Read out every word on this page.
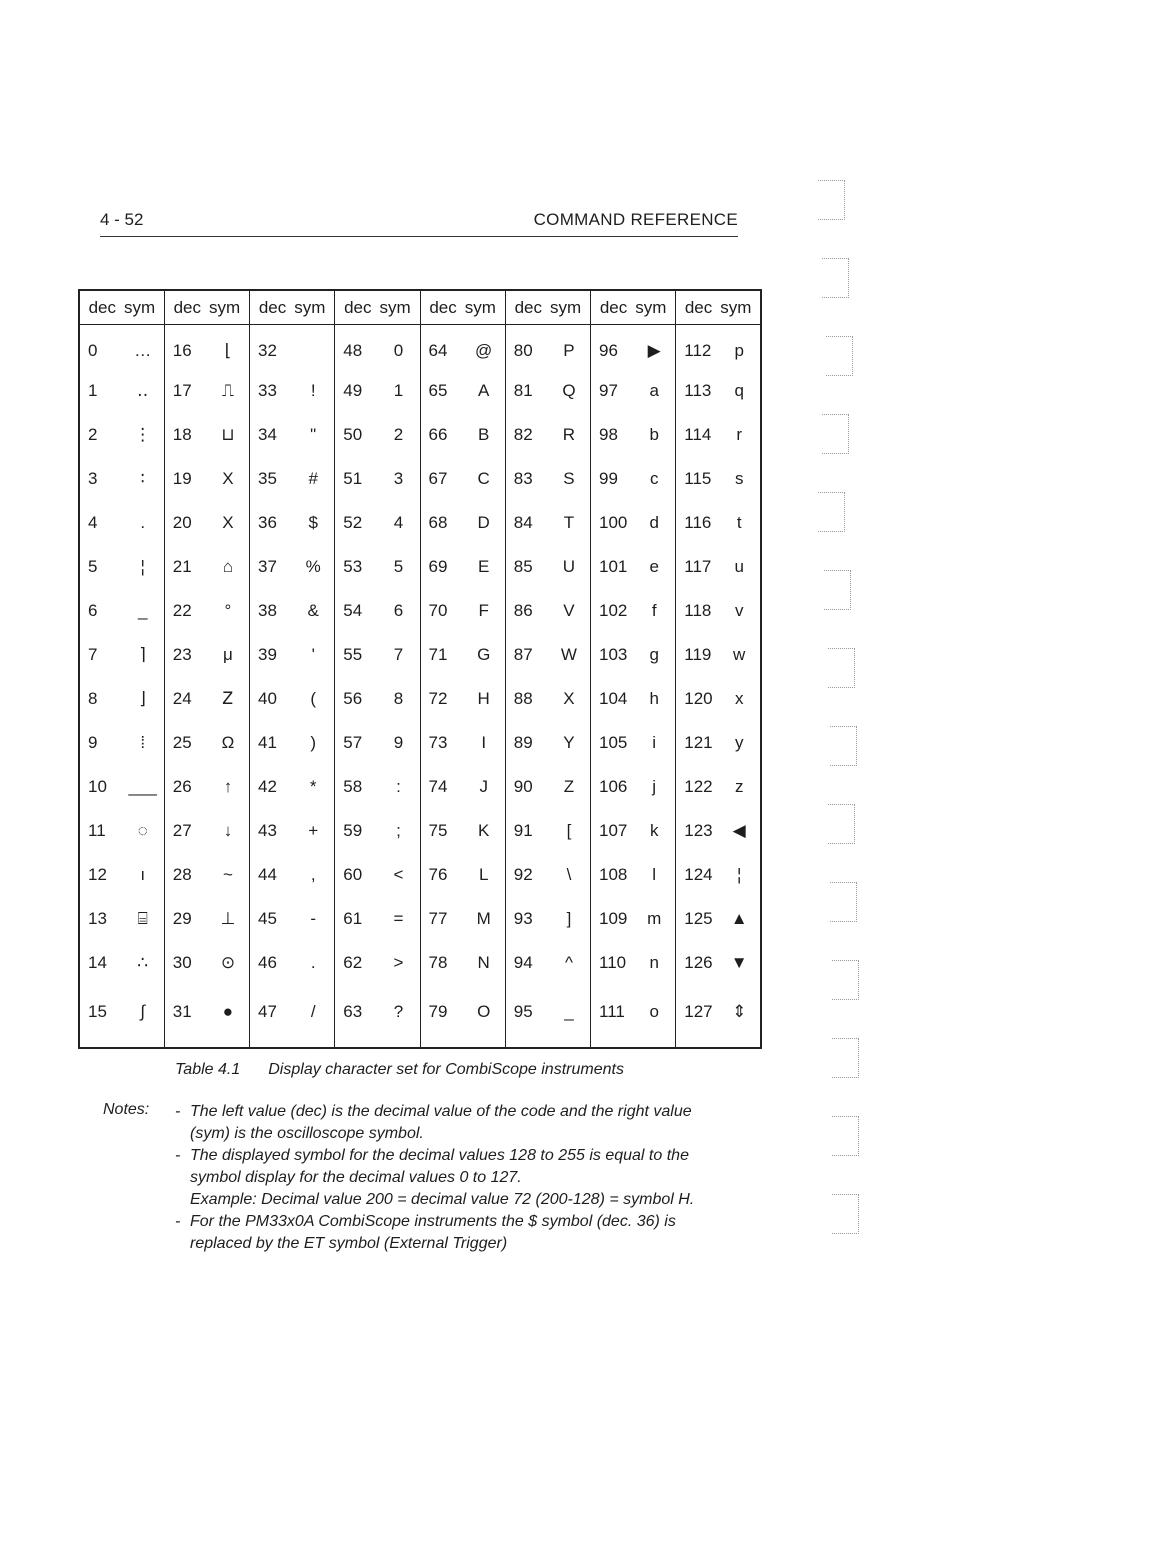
4 - 52	COMMAND REFERENCE
dec sym		dec sym		dec sym		dec sym		dec sym		dec sym		dec sym		dec sym	
0	…	16	⌊	32		48	0	64	@	80	P	96	▶	112	p
1	․․	17	⎍	33	!	49	1	65	A	81	Q	97	a	113	q
2	⋮	18	⊔	34	"	50	2	66	B	82	R	98	b	114	r
3	∶	19	X	35	#	51	3	67	C	83	S	99	c	115	s
4	.	20	X	36	$	52	4	68	D	84	T	100	d	116	t
5	¦	21	⌂	37	%	53	5	69	E	85	U	101	e	117	u
6	_	22	°	38	&	54	6	70	F	86	V	102	f	118	v
7	⌉	23	μ	39	'	55	7	71	G	87	W	103	g	119	w
8	⌋	24	Ꮓ	40	(	56	8	72	H	88	X	104	h	120	x
9	⁞	25	Ω	41	)	57	9	73	I	89	Y	105	i	121	y
10	___	26	↑	42	*	58	:	74	J	90	Z	106	j	122	z
11	◌	27	↓	43	+	59	;	75	K	91	[	107	k	123	◀
12	ı	28	~	44	,	60	<	76	L	92	\	108	l	124	¦
13	⌸	29	⊥	45	-	61	=	77	M	93	]	109	m	125	▲
14	∴	30	⊙	46	.	62	>	78	N	94	^	110	n	126	▼
15	∫	31	●	47	/	63	?	79	O	95	_	111	o	127	⇕
Table 4.1 Display character set for CombiScope instruments
Notes:	- The left value (dec) is the decimal value of the code and the right value
(sym) is the oscilloscope symbol.
- The displayed symbol for the decimal values 128 to 255 is equal to the
symbol display for the decimal values 0 to 127.
Example: Decimal value 200 = decimal value 72 (200-128) = symbol H.
- For the PM33x0A CombiScope instruments the $ symbol (dec. 36) is
replaced by the ET symbol (External Trigger)
